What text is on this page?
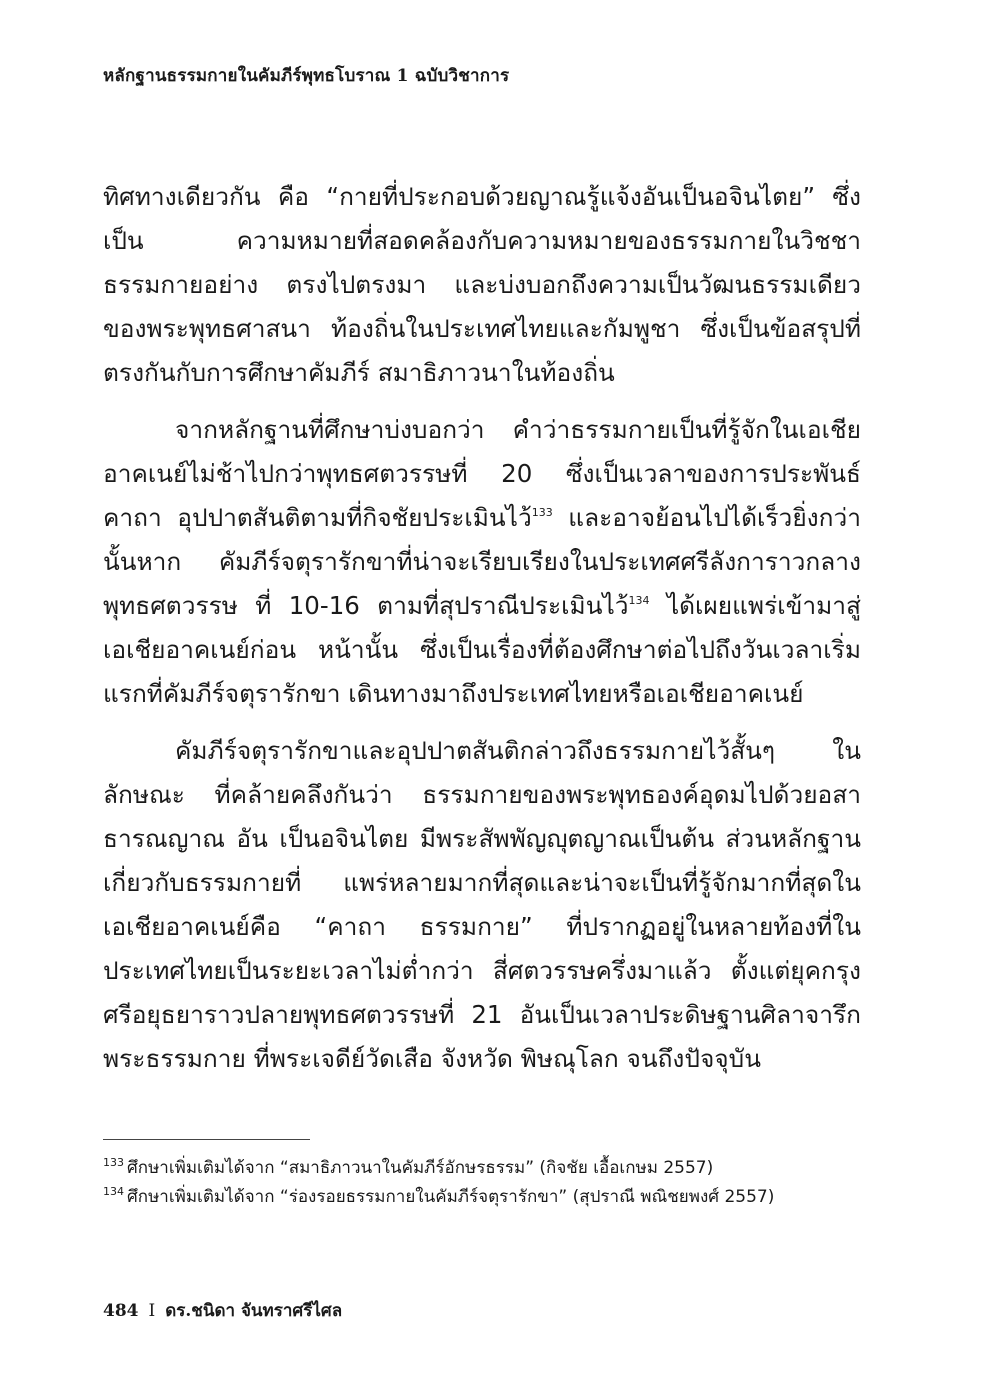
หลักฐานธรรมกายในคัมภีร์พุทธโบราณ 1 ฉบับวิชาการ

ทิศทางเดียวกัน คือ “กายที่ประกอบด้วยญาณรู้แจ้งอันเป็นอจินไตย” ซึ่งเป็น	ความหมายที่สอดคล้องกับความหมายของธรรมกายในวิชชาธรรมกายอย่าง ตรงไปตรงมา และบ่งบอกถึงความเป็นวัฒนธรรมเดียวของพระพุทธศาสนา ท้องถิ่นในประเทศไทยและกัมพูชา ซึ่งเป็นข้อสรุปที่ตรงกันกับการศึกษาคัมภีร์ สมาธิภาวนาในท้องถิ่น

จากหลักฐานที่ศึกษาบ่งบอกว่า คำว่าธรรมกายเป็นที่รู้จักในเอเชีย อาคเนย์ไม่ช้าไปกว่าพุทธศตวรรษที่ 20 ซึ่งเป็นเวลาของการประพันธ์คาถา อุปปาตสันติตามที่กิจชัยประเมินไว้$^{133}$ และอาจย้อนไปได้เร็วยิ่งกว่านั้นหาก คัมภีร์จตุรารักขาที่น่าจะเรียบเรียงในประเทศศรีลังการาวกลางพุทธศตวรรษ ที่ 10-16 ตามที่สุปราณีประเมินไว้$^{134}$ ได้เผยแพร่เข้ามาสู่เอเชียอาคเนย์ก่อน หน้านั้น ซึ่งเป็นเรื่องที่ต้องศึกษาต่อไปถึงวันเวลาเริ่มแรกที่คัมภีร์จตุรารักขา เดินทางมาถึงประเทศไทยหรือเอเชียอาคเนย์

คัมภีร์จตุรารักขาและอุปปาตสันติกล่าวถึงธรรมกายไว้สั้นๆ ในลักษณะ ที่คล้ายคลึงกันว่า ธรรมกายของพระพุทธองค์อุดมไปด้วยอสาธารณญาณ อัน เป็นอจินไตย มีพระสัพพัญญุตญาณเป็นต้น ส่วนหลักฐานเกี่ยวกับธรรมกายที่ แพร่หลายมากที่สุดและน่าจะเป็นที่รู้จักมากที่สุดในเอเชียอาคเนย์คือ “คาถา ธรรมกาย” ที่ปรากฏอยู่ในหลายท้องที่ในประเทศไทยเป็นระยะเวลาไม่ต่ำกว่า สี่ศตวรรษครึ่งมาแล้ว ตั้งแต่ยุคกรุงศรีอยุธยาราวปลายพุทธศตวรรษที่ 21 อันเป็นเวลาประดิษฐานศิลาจารึกพระธรรมกาย ที่พระเจดีย์วัดเสือ จังหวัด พิษณุโลก จนถึงปัจจุบัน

$^{133}$ ศึกษาเพิ่มเติมได้จาก “สมาธิภาวนาในคัมภีร์อักษรธรรม” (กิจชัย เอื้อเกษม 2557)
$^{134}$ ศึกษาเพิ่มเติมได้จาก “ร่องรอยธรรมกายในคัมภีร์จตุรารักขา” (สุปราณี พณิชยพงศ์ 2557)
484 I ดร.ชนิดา จันทราศรีไศล
